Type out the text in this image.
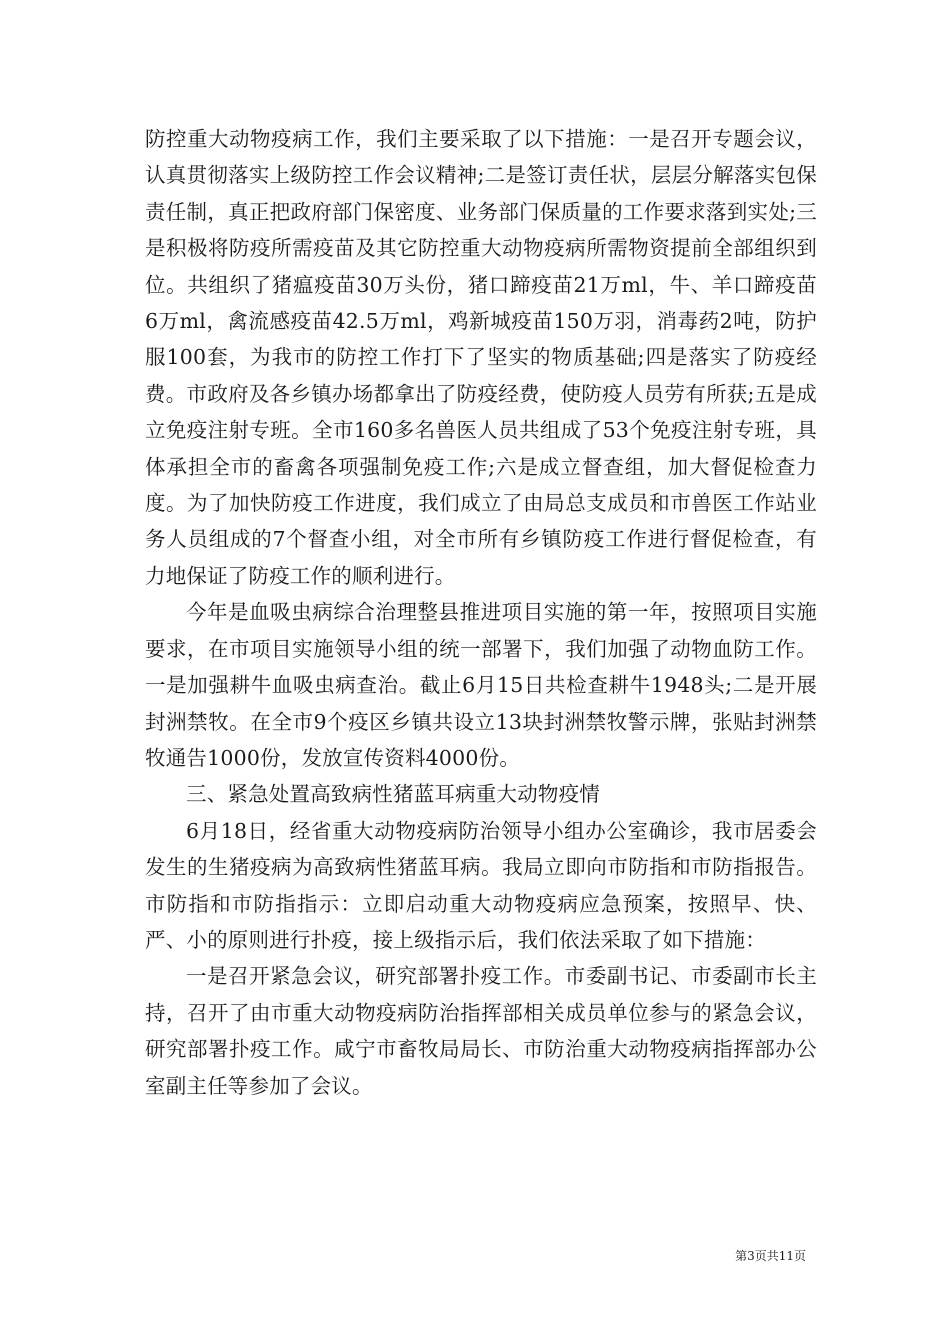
防控重大动物疫病工作，我们主要采取了以下措施：一是召开专题会议，认真贯彻落实上级防控工作会议精神;二是签订责任状，层层分解落实包保责任制，真正把政府部门保密度、业务部门保质量的工作要求落到实处;三是积极将防疫所需疫苗及其它防控重大动物疫病所需物资提前全部组织到位。共组织了猪瘟疫苗30万头份，猪口蹄疫苗21万ml，牛、羊口蹄疫苗6万ml，禽流感疫苗42.5万ml，鸡新城疫苗150万羽，消毒药2吨，防护服100套，为我市的防控工作打下了坚实的物质基础;四是落实了防疫经费。市政府及各乡镇办场都拿出了防疫经费，使防疫人员劳有所获;五是成立免疫注射专班。全市160多名兽医人员共组成了53个免疫注射专班，具体承担全市的畜禽各项强制免疫工作;六是成立督查组，加大督促检查力度。为了加快防疫工作进度，我们成立了由局总支成员和市兽医工作站业务人员组成的7个督查小组，对全市所有乡镇防疫工作进行督促检查，有力地保证了防疫工作的顺利进行。

今年是血吸虫病综合治理整县推进项目实施的第一年，按照项目实施要求，在市项目实施领导小组的统一部署下，我们加强了动物血防工作。一是加强耕牛血吸虫病查治。截止6月15日共检查耕牛1948头;二是开展封洲禁牧。在全市9个疫区乡镇共设立13块封洲禁牧警示牌，张贴封洲禁牧通告1000份，发放宣传资料4000份。

三、紧急处置高致病性猪蓝耳病重大动物疫情

6月18日，经省重大动物疫病防治领导小组办公室确诊，我市居委会发生的生猪疫病为高致病性猪蓝耳病。我局立即向市防指和市防指报告。市防指和市防指指示：立即启动重大动物疫病应急预案，按照早、快、严、小的原则进行扑疫，接上级指示后，我们依法采取了如下措施：

一是召开紧急会议，研究部署扑疫工作。市委副书记、市委副市长主持，召开了由市重大动物疫病防治指挥部相关成员单位参与的紧急会议，研究部署扑疫工作。咸宁市畜牧局局长、市防治重大动物疫病指挥部办公室副主任等参加了会议。

第3页共11页
